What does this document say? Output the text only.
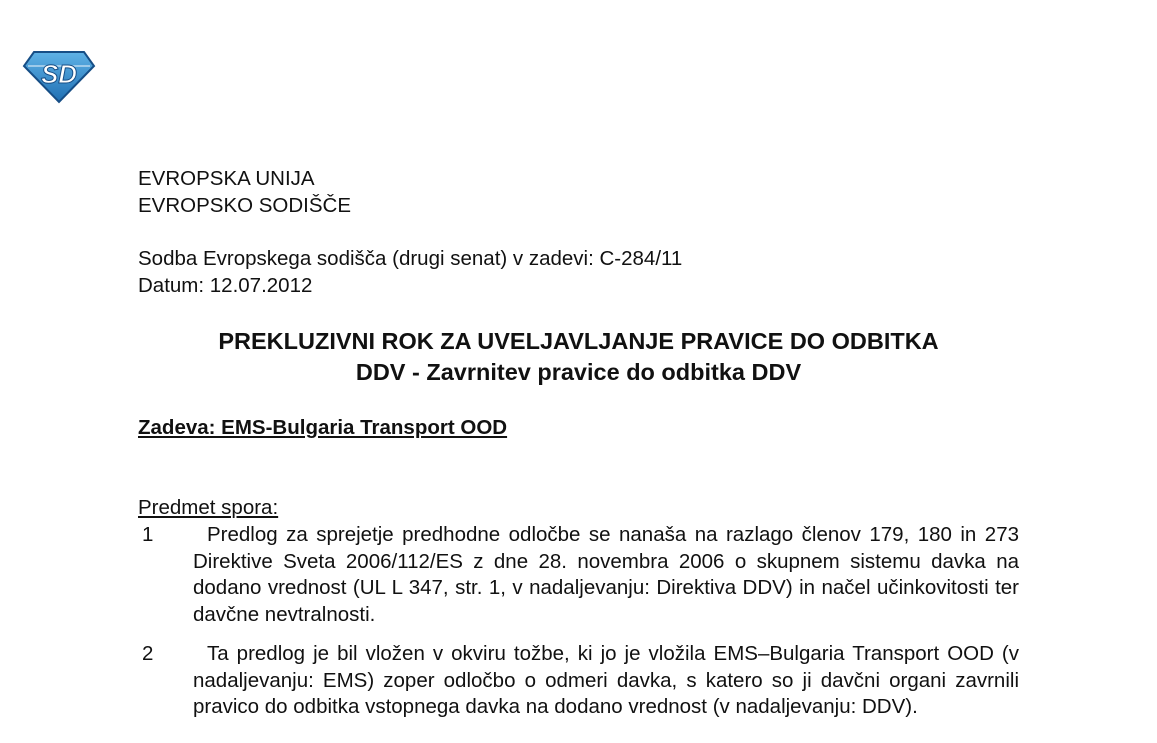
SD
EVROPSKA UNIJA
EVROPSKO SODIŠČE
Sodba Evropskega sodišča (drugi senat) v zadevi: C-284/11
Datum: 12.07.2012
PREKLUZIVNI ROK ZA UVELJAVLJANJE PRAVICE DO ODBITKA
DDV - Zavrnitev pravice do odbitka DDV
Zadeva: EMS-Bulgaria Transport OOD
Predmet spora:
1	Predlog za sprejetje predhodne odločbe se nanaša na razlago členov 179, 180 in 273 Direktive Sveta 2006/112/ES z dne 28. novembra 2006 o skupnem sistemu davka na dodano vrednost (UL L 347, str. 1, v nadaljevanju: Direktiva DDV) in načel učinkovitosti ter davčne nevtralnosti.
2	Ta predlog je bil vložen v okviru tožbe, ki jo je vložila EMS–Bulgaria Transport OOD (v nadaljevanju: EMS) zoper odločbo o odmeri davka, s katero so ji davčni organi zavrnili pravico do odbitka vstopnega davka na dodano vrednost (v nadaljevanju: DDV).
